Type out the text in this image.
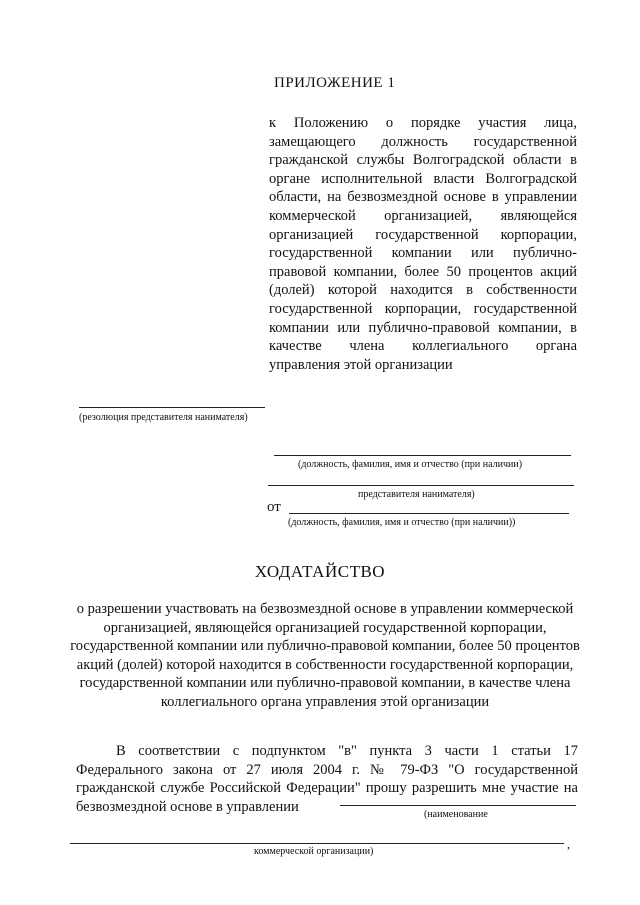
ПРИЛОЖЕНИЕ 1
к Положению о порядке участия лица, замещающего должность государственной гражданской службы Волгоградской области в органе исполнительной власти Волгоградской области, на безвозмездной основе в управлении коммерческой организацией, являющейся организацией государственной корпорации, государственной компании или публично-правовой компании, более 50 процентов акций (долей) которой находится в собственности государственной корпорации, государственной компании или публично-правовой компании, в качестве члена коллегиального органа управления этой организации
(резолюция представителя нанимателя)
(должность, фамилия, имя и отчество (при наличии)
представителя нанимателя)
от
(должность, фамилия, имя и отчество (при наличии))
ХОДАТАЙСТВО
о разрешении участвовать на безвозмездной основе в управлении коммерческой организацией, являющейся организацией государственной корпорации, государственной компании или публично-правовой компании, более 50 процентов акций (долей) которой находится в собственности государственной корпорации, государственной компании или публично-правовой компании, в качестве члена коллегиального органа управления этой организации
В соответствии с подпунктом "в" пункта 3 части 1 статьи 17 Федерального закона от 27 июля 2004 г. № 79-ФЗ "О государственной гражданской службе Российской Федерации" прошу разрешить мне участие на безвозмездной основе в управлении	(наименование
,
коммерческой организации)
